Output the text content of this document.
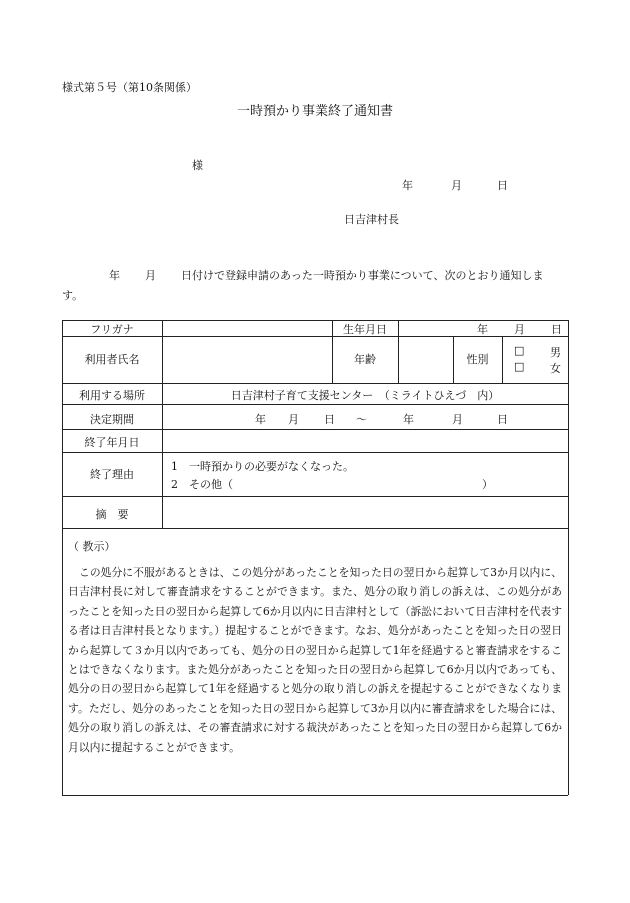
様式第５号（第10条関係）
一時預かり事業終了通知書
様
年	月	日
日吉津村長
年 月 日付けで登録申請のあった一時預かり事業について、次のとおり通知しま
す。
フリガナ	生年月日	年 月 日
利用者氏名	年齢	性別
□ 男
□ 女
利用する場所	日吉津村子育て支援センター　（ミライトひえづ　内）
決定期間	年 月 日 ～	年	月	日
終了年月日
終了理由
1　一時預かりの必要がなくなった。
2　その他（	）
摘　要
（ 教示）

この処分に不服があるときは、この処分があったことを知った日の翌日から起算して3か月以内に、日吉津村長に対して審査請求をすることができます。また、処分の取り消しの訴えは、この処分があったことを知った日の翌日から起算して6か月以内に日吉津村として（訴訟において日吉津村を代表する者は日吉津村長となります。）提起することができます。なお、処分があったことを知った日の翌日から起算して３か月以内であっても、処分の日の翌日から起算して1年を経過すると審査請求をすることはできなくなります。また処分があったことを知った日の翌日から起算して6か月以内であっても、処分の日の翌日から起算して1年を経過すると処分の取り消しの訴えを提起することができなくなります。ただし、処分のあったことを知った日の翌日から起算して3か月以内に審査請求をした場合には、処分の取り消しの訴えは、その審査請求に対する裁決があったことを知った日の翌日から起算して6か月以内に提起することができます。
